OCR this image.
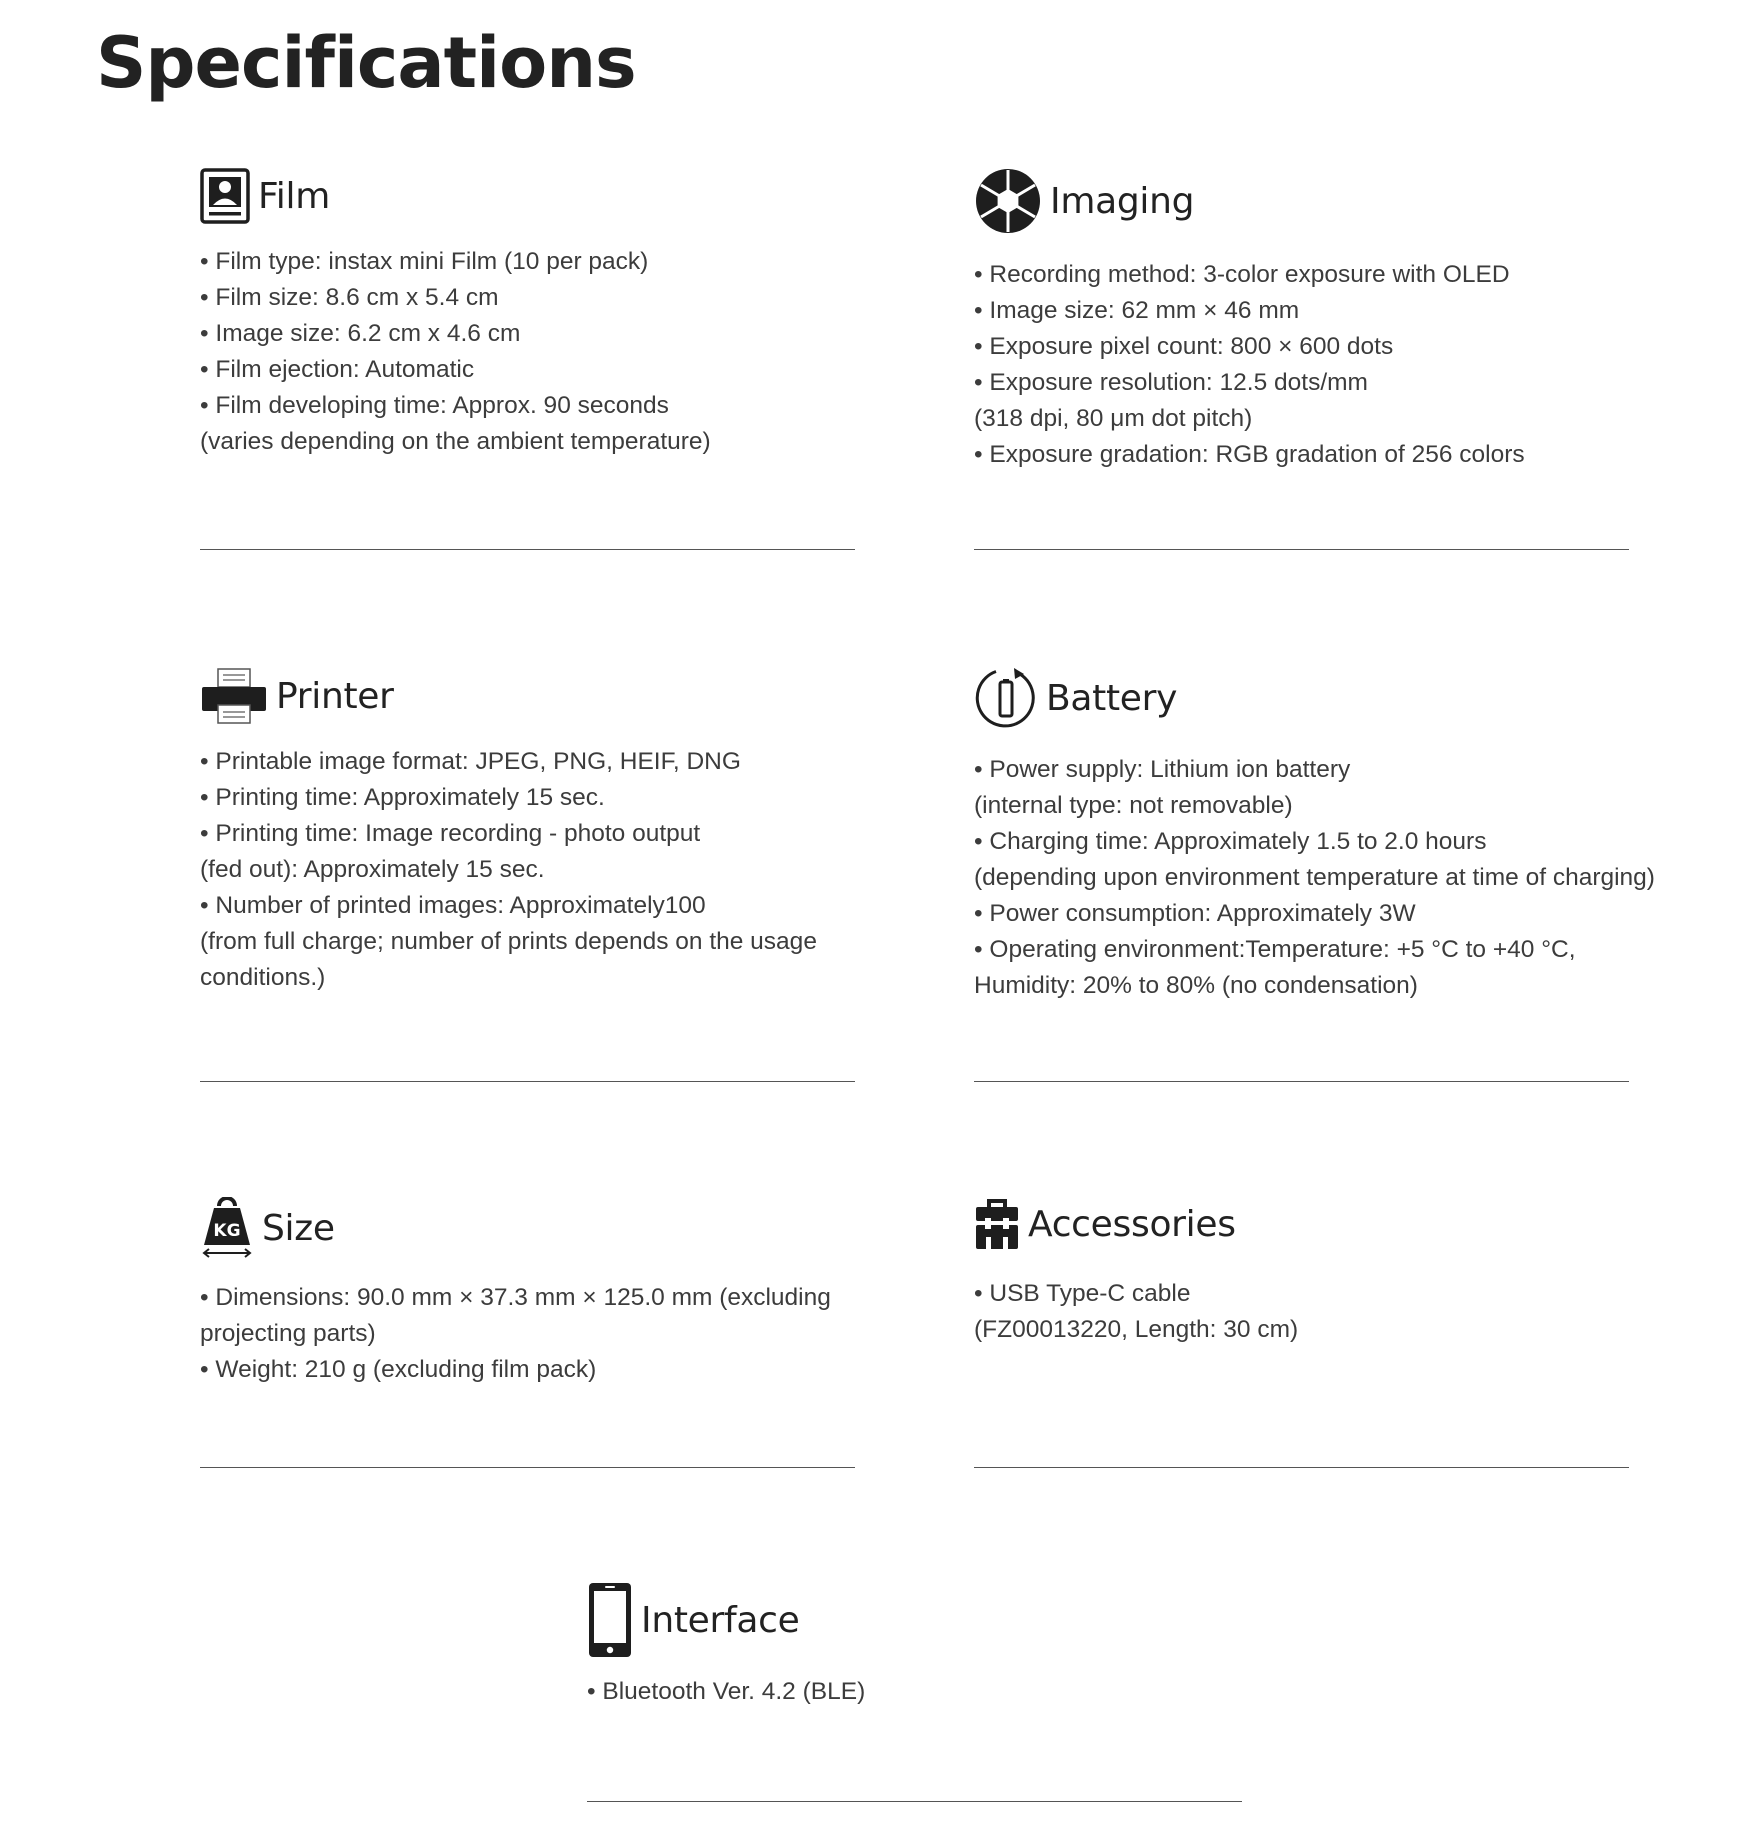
Specifications
Film
• Film type: instax mini Film (10 per pack)
• Film size: 8.6 cm x 5.4 cm
• Image size: 6.2 cm x 4.6 cm
• Film ejection: Automatic
• Film developing time: Approx. 90 seconds
(varies depending on the ambient temperature)
Imaging
• Recording method: 3-color exposure with OLED
• Image size: 62 mm × 46 mm
• Exposure pixel count: 800 × 600 dots
• Exposure resolution: 12.5 dots/mm
(318 dpi, 80 μm dot pitch)
• Exposure gradation: RGB gradation of 256 colors
Printer
• Printable image format: JPEG, PNG, HEIF, DNG
• Printing time: Approximately 15 sec.
• Printing time: Image recording - photo output
(fed out): Approximately 15 sec.
• Number of printed images: Approximately100
(from full charge; number of prints depends on the usage
conditions.)
Battery
• Power supply: Lithium ion battery
(internal type: not removable)
• Charging time: Approximately 1.5 to 2.0 hours
(depending upon environment temperature at time of charging)
• Power consumption: Approximately 3W
• Operating environment:Temperature: +5 °C to +40 °C,
Humidity: 20% to 80% (no condensation)
KG Size
• Dimensions: 90.0 mm × 37.3 mm × 125.0 mm (excluding
projecting parts)
• Weight: 210 g (excluding film pack)
Accessories
• USB Type-C cable
(FZ00013220, Length: 30 cm)
Interface
• Bluetooth Ver. 4.2 (BLE)
